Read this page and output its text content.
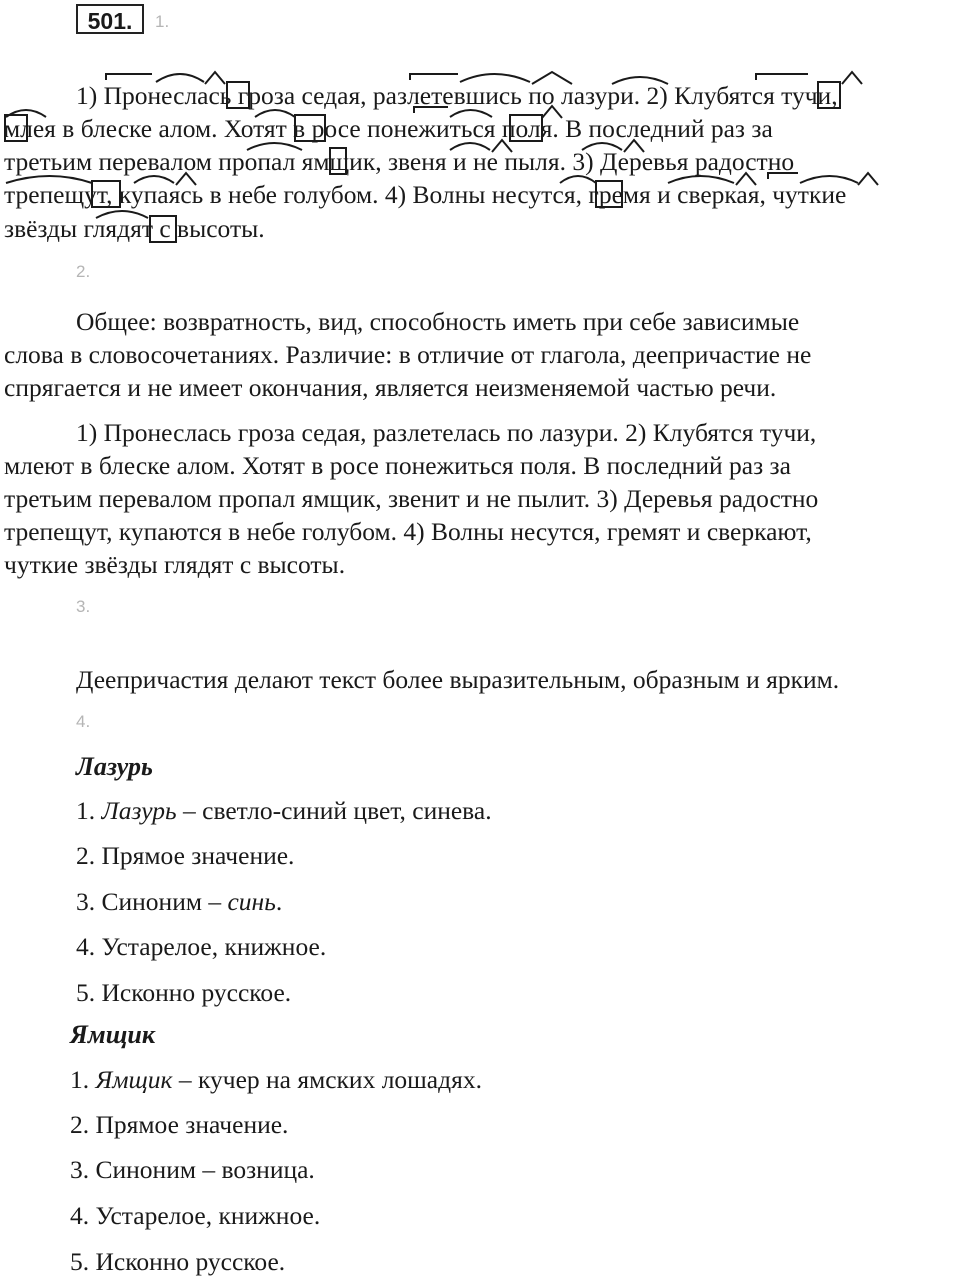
501.	1.
1) Пронеслась гроза седая, разлетевшись по лазури. 2) Клубятся тучи,
млея в блеске алом. Хотят в росе понежиться поля. В последний раз за
третьим перевалом пропал ямщик, звеня и не пыля. 3) Деревья радостно
трепещут, купаясь в небе голубом. 4) Волны несутся, гремя и сверкая, чуткие
звёзды глядят с высоты.
2.
Общее: возвратность, вид, способность иметь при себе зависимые
слова в словосочетаниях. Различие: в отличие от глагола, деепричастие не
спрягается и не имеет окончания, является неизменяемой частью речи.
1) Пронеслась гроза седая, разлетелась по лазури. 2) Клубятся тучи,
млеют в блеске алом. Хотят в росе понежиться поля. В последний раз за
третьим перевалом пропал ямщик, звенит и не пылит. 3) Деревья радостно
трепещут, купаются в небе голубом. 4) Волны несутся, гремят и сверкают,
чуткие звёзды глядят с высоты.
3.
Деепричастия делают текст более выразительным, образным и ярким.
4.
Лазурь
1. Лазурь – светло-синий цвет, синева.
2. Прямое значение.
3. Синоним – синь.
4. Устарелое, книжное.
5. Исконно русское.
Ямщик
1. Ямщик – кучер на ямских лошадях.
2. Прямое значение.
3. Синоним – возница.
4. Устарелое, книжное.
5. Исконно русское.
